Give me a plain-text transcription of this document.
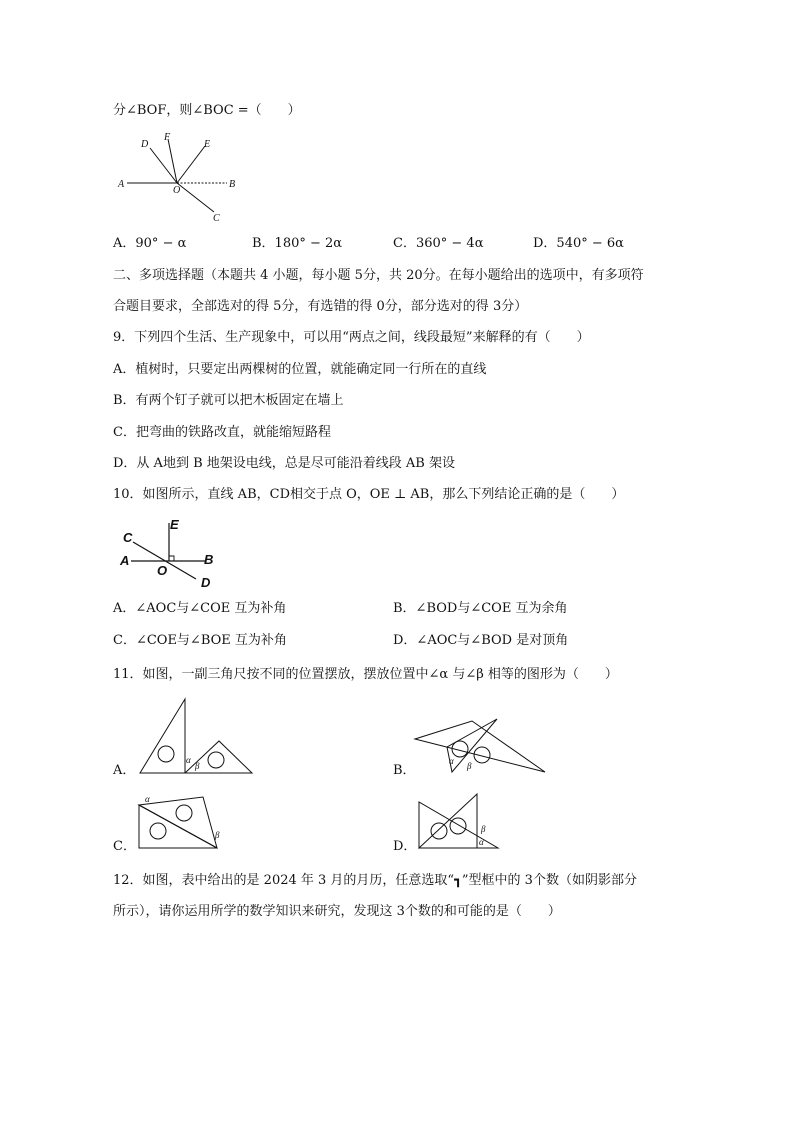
分∠BOF，则∠BOC =（　　）
A	B
C
D	E
F
O
A．90° − α	B．180° − 2α	C．360° − 4α	D．540° − 6α
二、多项选择题（本题共 4 小题，每小题 5分，共 20分。在每小题给出的选项中，有多项符
合题目要求，全部选对的得 5分，有选错的得 0分，部分选对的得 3分）
9．下列四个生活、生产现象中，可以用“两点之间，线段最短”来解释的有（　　）
A．植树时，只要定出两棵树的位置，就能确定同一行所在的直线
B．有两个钉子就可以把木板固定在墙上
C．把弯曲的铁路改直，就能缩短路程
D．从 A地到 B 地架设电线，总是尽可能沿着线段 AB 架设
10．如图所示，直线 AB，CD相交于点 O，OE ⊥ AB，那么下列结论正确的是（　　）
A	B
C
D
E
O
A．∠AOC与∠COE 互为补角	B．∠BOD与∠COE 互为余角
C．∠COE与∠BOE 互为补角	D．∠AOC与∠BOD 是对顶角
11．如图，一副三角尺按不同的位置摆放，摆放位置中∠α 与∠β 相等的图形为（　　）
A．
α
β	B．
α β
C．
α
β
D．
β
α
12．如图，表中给出的是 2024 年 3 月的月历，任意选取“┓”型框中的 3个数（如阴影部分
所示），请你运用所学的数学知识来研究，发现这 3个数的和可能的是（　　）
